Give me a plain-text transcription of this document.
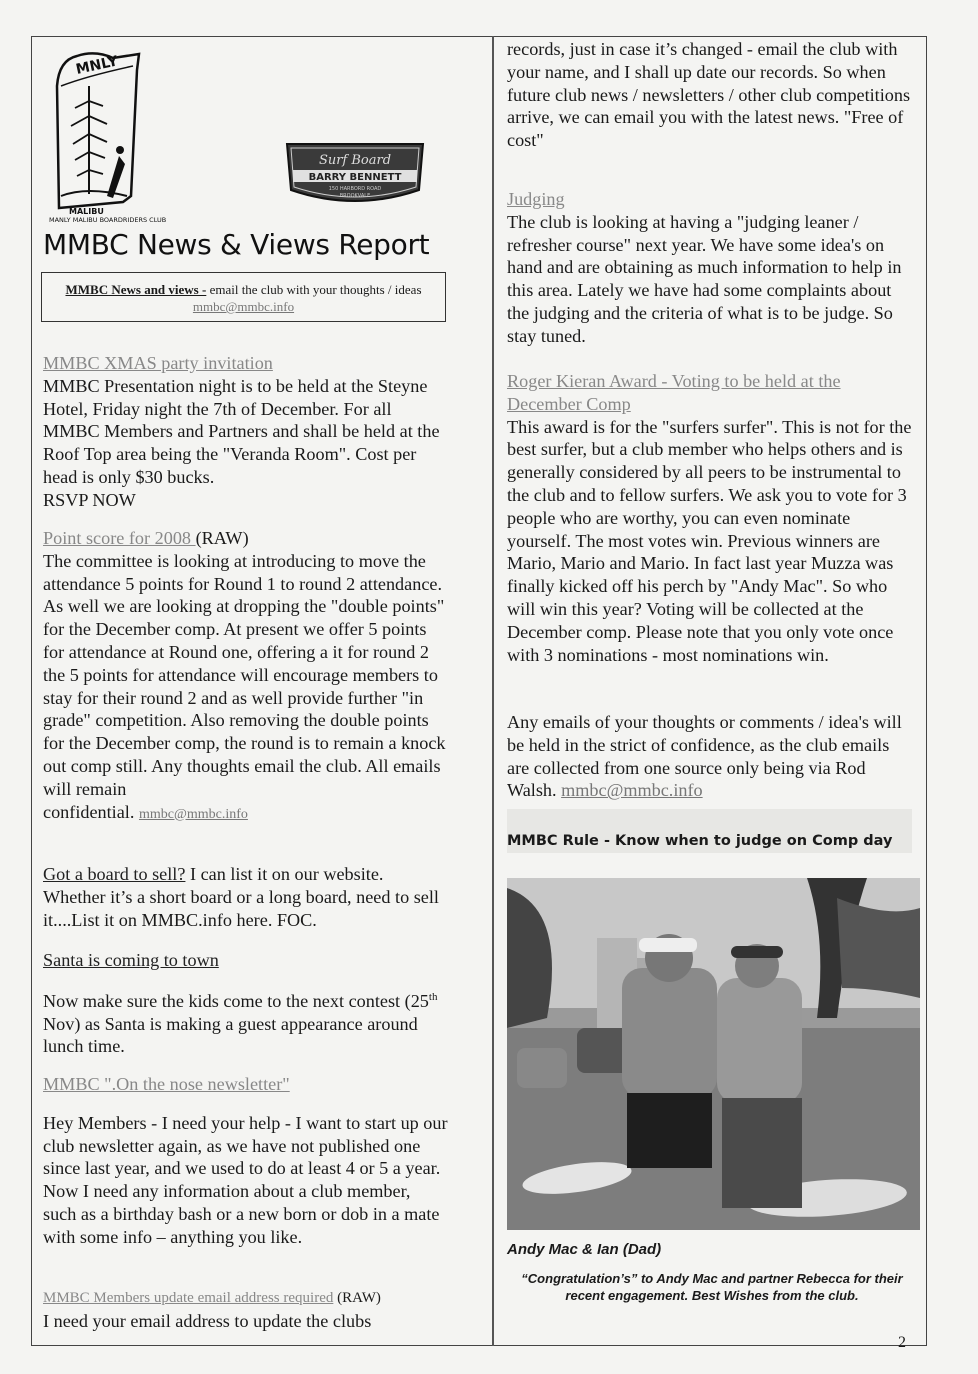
MNLY
MALIBU
MANLY MALIBU BOARDRIDERS CLUB
Surf Board
BARRY BENNETT
150 HARBORD ROAD
BROOKVALE
MMBC News & Views Report
MMBC News and views - email the club with your thoughts / ideas mmbc@mmbc.info
MMBC XMAS party invitation
MMBC Presentation night is to be held at the Steyne Hotel, Friday night the 7th of December. For all MMBC Members and Partners and shall be held at the Roof Top area being the "Veranda Room". Cost per head is only $30 bucks.
RSVP NOW
Point score for 2008 (RAW)
The committee is looking at introducing to move the attendance 5 points for Round 1 to round 2 attendance. As well we are looking at dropping the "double points" for the December comp. At present we offer 5 points for attendance at Round one, offering a it for round 2 the 5 points for attendance will encourage members to stay for their round 2 and as well provide further "in grade" competition. Also removing the double points for the December comp, the round is to remain a knock out comp still. Any thoughts email the club. All emails will remain
confidential. mmbc@mmbc.info
Got a board to sell? I can list it on our website. Whether it’s a short board or a long board, need to sell it....List it on MMBC.info here. FOC.
Santa is coming to town
Now make sure the kids come to the next contest (25th Nov) as Santa is making a guest appearance around lunch time.
MMBC ".On the nose newsletter"
Hey Members - I need your help - I want to start up our club newsletter again, as we have not published one since last year, and we used to do at least 4 or 5 a year. Now I need any information about a club member, such as a birthday bash or a new born or dob in a mate with some info – anything you like.
MMBC Members update email address required (RAW)
I need your email address to update the clubs
records, just in case it’s changed - email the club with your name, and I shall up date our records. So when future club news / newsletters / other club competitions arrive, we can email you with the latest news. "Free of cost"
Judging
The club is looking at having a "judging leaner / refresher course" next year. We have some idea's on hand and are obtaining as much information to help in this area. Lately we have had some complaints about the judging and the criteria of what is to be judge. So stay tuned.
Roger Kieran Award - Voting to be held at the December Comp
This award is for the "surfers surfer". This is not for the best surfer, but a club member who helps others and is generally considered by all peers to be instrumental to the club and to fellow surfers. We ask you to vote for 3 people who are worthy, you can even nominate yourself. The most votes win. Previous winners are Mario, Mario and Mario. In fact last year Muzza was finally kicked off his perch by "Andy Mac". So who will win this year? Voting will be collected at the December comp. Please note that you only vote once with 3 nominations - most nominations win.
Any emails of your thoughts or comments / idea's will be held in the strict of confidence, as the club emails are collected from one source only being via Rod Walsh. mmbc@mmbc.info
MMBC Rule - Know when to judge on Comp day
Andy Mac & Ian (Dad)
“Congratulation’s” to Andy Mac and partner Rebecca for their recent engagement. Best Wishes from the club.
2
